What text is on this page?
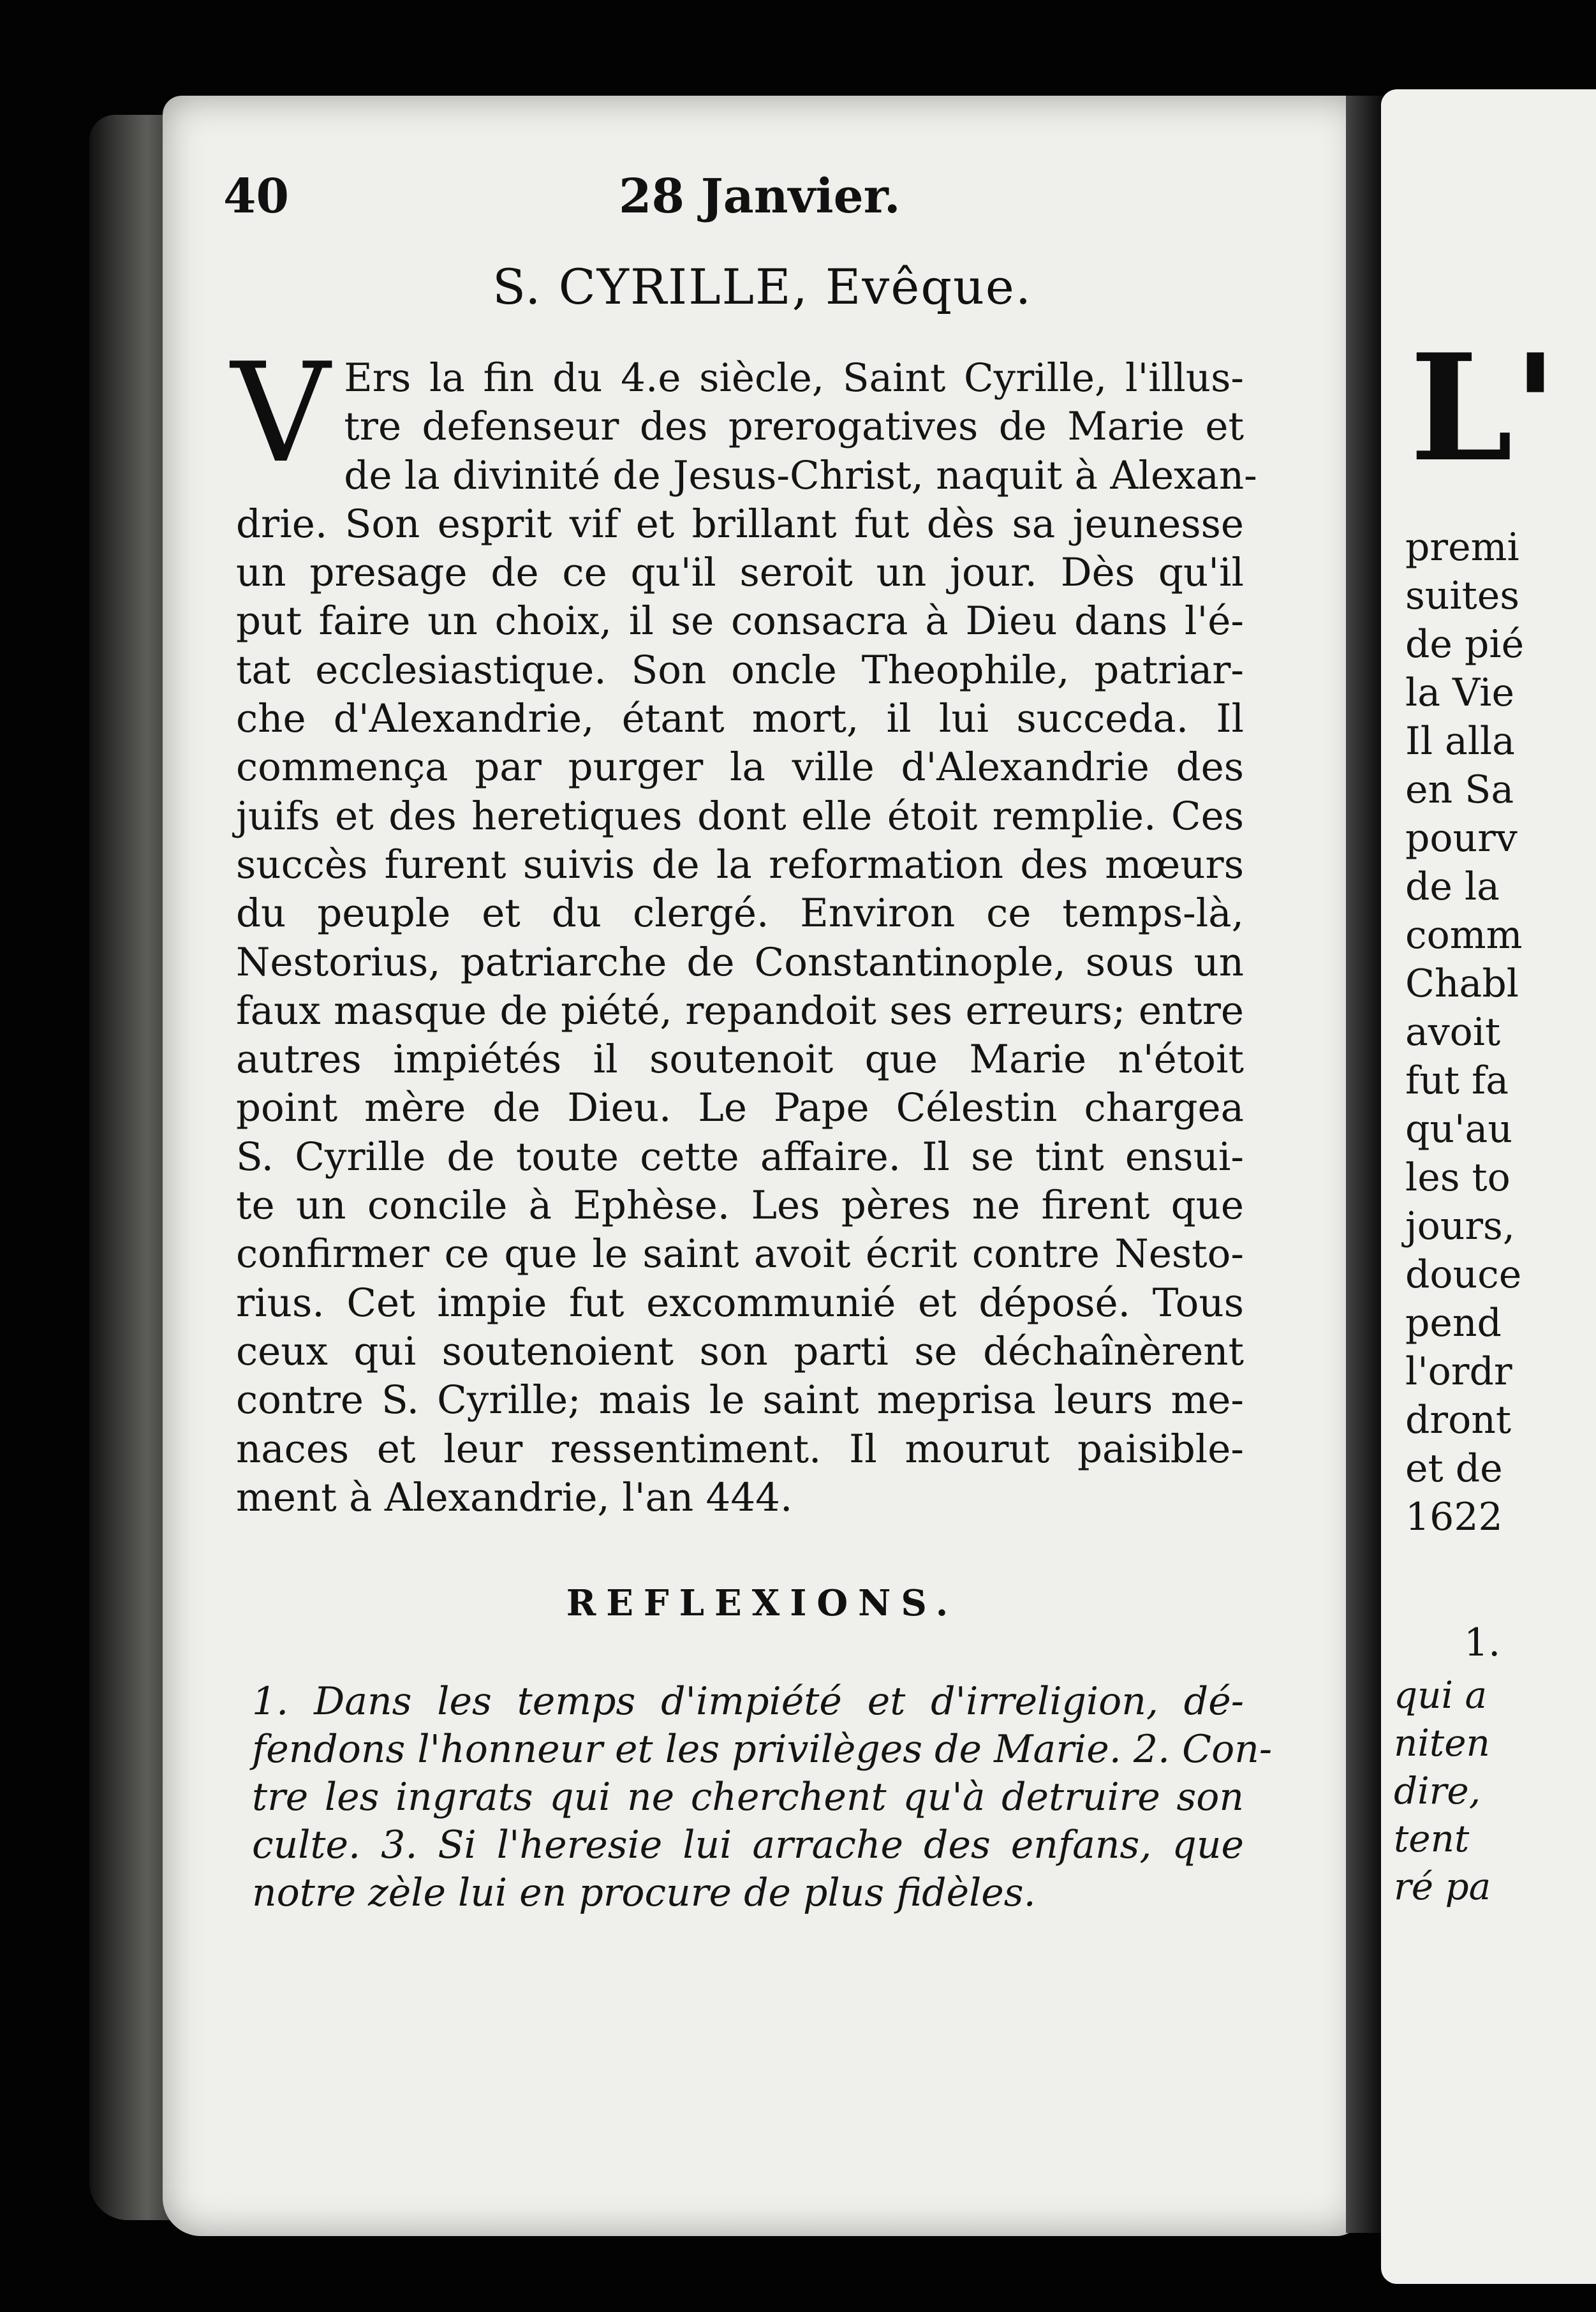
40	28 Janvier.
S. CYRILLE, Evêque.
V Ers la fin du 4.e siècle, Saint Cyrille, l'illus-
tre defenseur des prerogatives de Marie et
de la divinité de Jesus-Christ, naquit à Alexan-
drie. Son esprit vif et brillant fut dès sa jeunesse
un presage de ce qu'il seroit un jour. Dès qu'il
put faire un choix, il se consacra à Dieu dans l'é-
tat ecclesiastique. Son oncle Theophile, patriar-
che d'Alexandrie, étant mort, il lui succeda. Il
commença par purger la ville d'Alexandrie des
juifs et des heretiques dont elle étoit remplie. Ces
succès furent suivis de la reformation des mœurs
du peuple et du clergé. Environ ce temps-là,
Nestorius, patriarche de Constantinople, sous un
faux masque de piété, repandoit ses erreurs; entre
autres impiétés il soutenoit que Marie n'étoit
point mère de Dieu. Le Pape Célestin chargea
S. Cyrille de toute cette affaire. Il se tint ensui-
te un concile à Ephèse. Les pères ne firent que
confirmer ce que le saint avoit écrit contre Nesto-
rius. Cet impie fut excommunié et déposé. Tous
ceux qui soutenoient son parti se déchaînèrent
contre S. Cyrille; mais le saint meprisa leurs me-
naces et leur ressentiment. Il mourut paisible-
ment à Alexandrie, l'an 444.
REFLEXIONS.
1. Dans les temps d'impiété et d'irreligion, dé-
fendons l'honneur et les privilèges de Marie. 2. Con-
tre les ingrats qui ne cherchent qu'à detruire son
culte. 3. Si l'heresie lui arrache des enfans, que
notre zèle lui en procure de plus fidèles.
L'
premi
suites
de pié
la Vie
Il alla
en Sa
pourv
de la
comm
Chabl
avoit
fut fa
qu'au
les to
jours,
douce
pend
l'ordr
dront
et de
1622
1.
qui a
niten
dire,
tent
ré pa
